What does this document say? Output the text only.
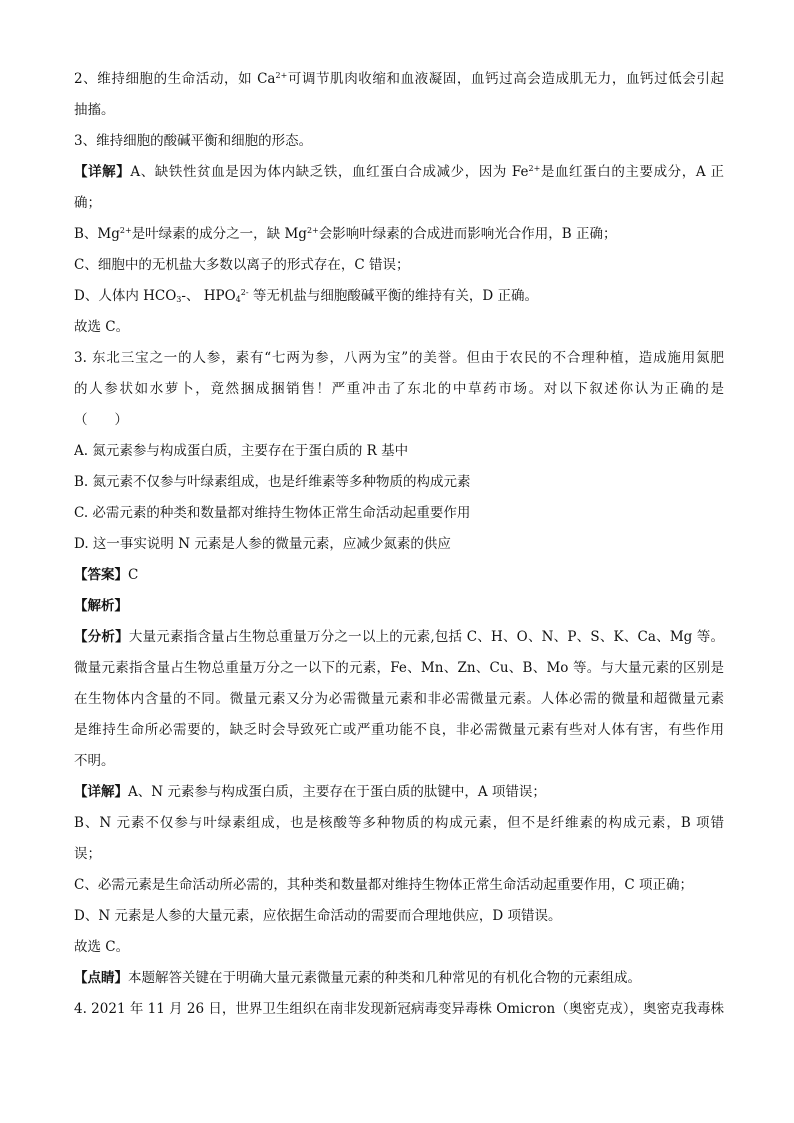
2、维持细胞的生命活动，如 $Ca^{2+}$可调节肌肉收缩和血液凝固，血钙过高会造成肌无力，血钙过低会引起
抽搐。
3、维持细胞的酸碱平衡和细胞的形态。
【详解】A、缺铁性贫血是因为体内缺乏铁，血红蛋白合成减少，因为 $Fe^{2+}$是血红蛋白的主要成分，A 正
确；
B、$Mg^{2+}$是叶绿素的成分之一，缺 $Mg^{2+}$会影响叶绿素的合成进而影响光合作用，B 正确；
C、细胞中的无机盐大多数以离子的形式存在，C 错误；
D、人体内 $HCO_3-$、 $HPO_4^{2-}$ 等无机盐与细胞酸碱平衡的维持有关，D 正确。
故选 C。
3. 东北三宝之一的人参，素有“七两为参，八两为宝”的美誉。但由于农民的不合理种植，造成施用氮肥
的人参状如水萝卜，竟然捆成捆销售！严重冲击了东北的中草药市场。对以下叙述你认为正确的是
（　　）
A. 氮元素参与构成蛋白质，主要存在于蛋白质的 R 基中
B. 氮元素不仅参与叶绿素组成，也是纤维素等多种物质的构成元素
C. 必需元素的种类和数量都对维持生物体正常生命活动起重要作用
D. 这一事实说明 N 元素是人参的微量元素，应减少氮素的供应
【答案】C
【解析】
【分析】大量元素指含量占生物总重量万分之一以上的元素,包括 C、H、O、N、P、S、K、Ca、Mg 等。
微量元素指含量占生物总重量万分之一以下的元素，Fe、Mn、Zn、Cu、B、Mo 等。与大量元素的区别是
在生物体内含量的不同。微量元素又分为必需微量元素和非必需微量元素。人体必需的微量和超微量元素
是维持生命所必需要的，缺乏时会导致死亡或严重功能不良，非必需微量元素有些对人体有害，有些作用
不明。
【详解】A、N 元素参与构成蛋白质，主要存在于蛋白质的肽键中，A 项错误；
B、N 元素不仅参与叶绿素组成，也是核酸等多种物质的构成元素，但不是纤维素的构成元素，B 项错
误；
C、必需元素是生命活动所必需的，其种类和数量都对维持生物体正常生命活动起重要作用，C 项正确；
D、N 元素是人参的大量元素，应依据生命活动的需要而合理地供应，D 项错误。
故选 C。
【点睛】本题解答关键在于明确大量元素微量元素的种类和几种常见的有机化合物的元素组成。
4. 2021 年 11 月 26 日，世界卫生组织在南非发现新冠病毒变异毒株 Omicron（奥密克戎），奥密克我毒株
